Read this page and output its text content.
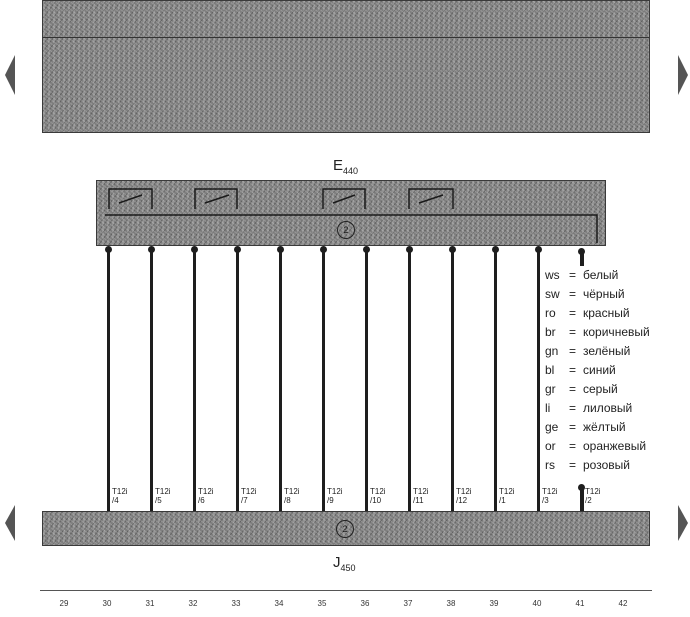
$E_{440}$
2
T12i
/4
T12i
/5
T12i
/6
T12i
/7
T12i
/8
T12i
/9
T12i
/10
T12i
/11
T12i
/12
T12i
/1
T12i
/3
T12i
/2
ws = белый
sw = чёрный
ro	= красный
br	= коричневый
gn = зелёный
bl	= синий
gr	= серый
li	= лиловый
ge = жёлтый
or	= оранжевый
rs	= розовый
2
$J_{450}$
29	30	31	32	33	34	35	36	37	38	39	40	41	42
